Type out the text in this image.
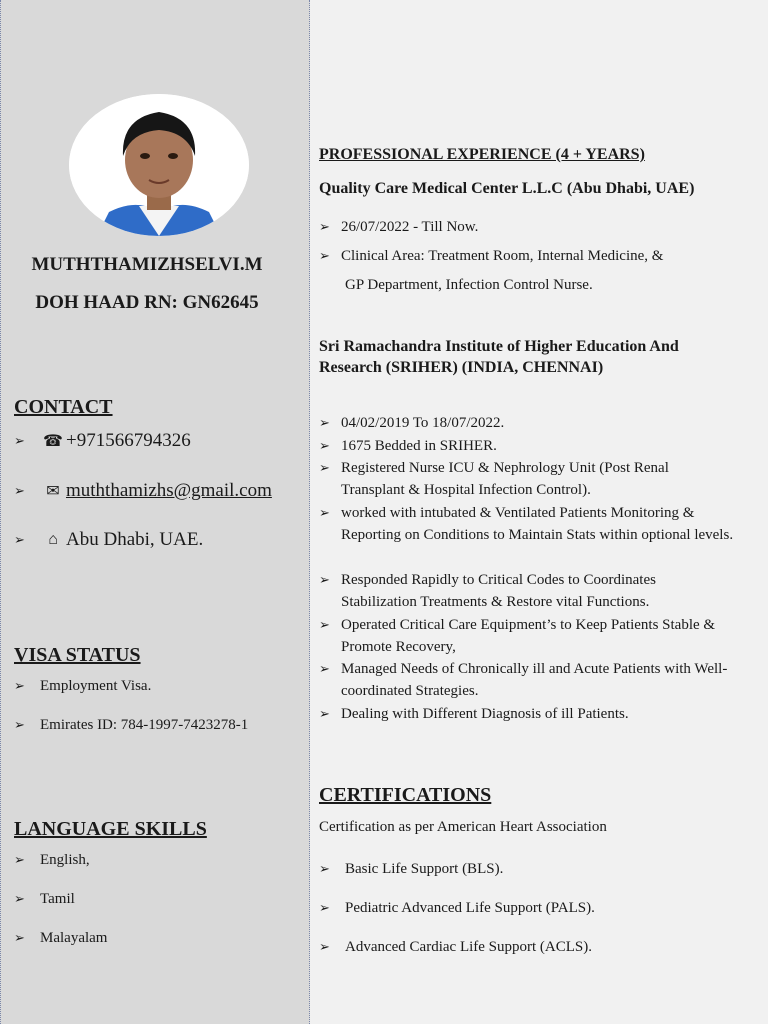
MUTHTHAMIZHSELVI.M
DOH HAAD RN: GN62645
CONTACT
➢	☎ +971566794326
➢	✉ muththamizhs@gmail.com
➢	⌂ Abu Dhabi, UAE.
VISA STATUS
➢	Employment Visa.
➢	Emirates ID: 784-1997-7423278-1
LANGUAGE SKILLS
➢	English,
➢	Tamil
➢	Malayalam
PROFESSIONAL EXPERIENCE (4 + YEARS)
Quality Care Medical Center L.L.C (Abu Dhabi, UAE)
➢ 26/07/2022 - Till Now.
➢ Clinical Area: Treatment Room, Internal Medicine, &
GP Department, Infection Control Nurse.
Sri Ramachandra Institute of Higher Education And Research (SRIHER) (INDIA, CHENNAI)
➢ 04/02/2019 To 18/07/2022.
➢ 1675 Bedded in SRIHER.
➢ Registered Nurse ICU & Nephrology Unit (Post Renal Transplant & Hospital Infection Control).
➢ worked with intubated & Ventilated Patients Monitoring & Reporting on Conditions to Maintain Stats within optional levels.
➢ Responded Rapidly to Critical Codes to Coordinates Stabilization Treatments & Restore vital Functions.
➢ Operated Critical Care Equipment’s to Keep Patients Stable & Promote Recovery,
➢ Managed Needs of Chronically ill and Acute Patients with Well-coordinated Strategies.
➢ Dealing with Different Diagnosis of ill Patients.
CERTIFICATIONS
Certification as per American Heart Association
➢	Basic Life Support (BLS).
➢	Pediatric Advanced Life Support (PALS).
➢	Advanced Cardiac Life Support (ACLS).
